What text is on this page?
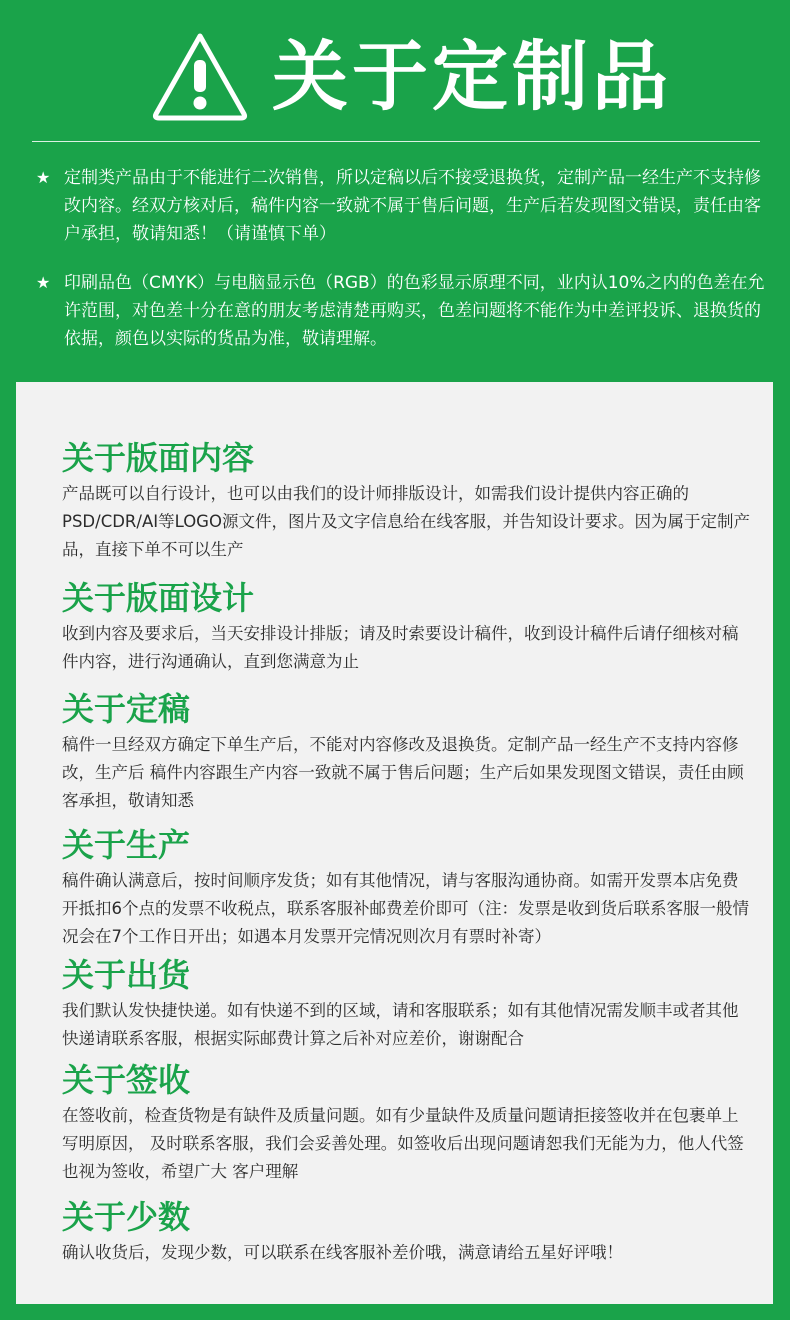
关于定制品
★ 定制类产品由于不能进行二次销售，所以定稿以后不接受退换货，定制产品一经生产不支持修改内容。经双方核对后，稿件内容一致就不属于售后问题，生产后若发现图文错误，责任由客户承担，敬请知悉！（请谨慎下单）
★ 印刷品色（CMYK）与电脑显示色（RGB）的色彩显示原理不同，业内认10%之内的色差在允许范围，对色差十分在意的朋友考虑清楚再购买，色差问题将不能作为中差评投诉、退换货的依据，颜色以实际的货品为准，敬请理解。
关于版面内容

产品既可以自行设计，也可以由我们的设计师排版设计，如需我们设计提供内容正确的PSD/CDR/AI等LOGO源文件，图片及文字信息给在线客服，并告知设计要求。因为属于定制产品，直接下单不可以生产

关于版面设计

收到内容及要求后，当天安排设计排版；请及时索要设计稿件，收到设计稿件后请仔细核对稿件内容，进行沟通确认，直到您满意为止

关于定稿

稿件一旦经双方确定下单生产后，不能对内容修改及退换货。定制产品一经生产不支持内容修改，生产后 稿件内容跟生产内容一致就不属于售后问题；生产后如果发现图文错误，责任由顾客承担，敬请知悉

关于生产

稿件确认满意后，按时间顺序发货；如有其他情况，请与客服沟通协商。如需开发票本店免费开抵扣6个点的发票不收税点，联系客服补邮费差价即可（注：发票是收到货后联系客服一般情况会在7个工作日开出；如遇本月发票开完情况则次月有票时补寄）

关于出货

我们默认发快捷快递。如有快递不到的区域，请和客服联系；如有其他情况需发顺丰或者其他快递请联系客服，根据实际邮费计算之后补对应差价，谢谢配合

关于签收

在签收前，检查货物是有缺件及质量问题。如有少量缺件及质量问题请拒接签收并在包裹单上写明原因， 及时联系客服，我们会妥善处理。如签收后出现问题请恕我们无能为力，他人代签也视为签收，希望广大 客户理解

关于少数

确认收货后，发现少数，可以联系在线客服补差价哦，满意请给五星好评哦！
